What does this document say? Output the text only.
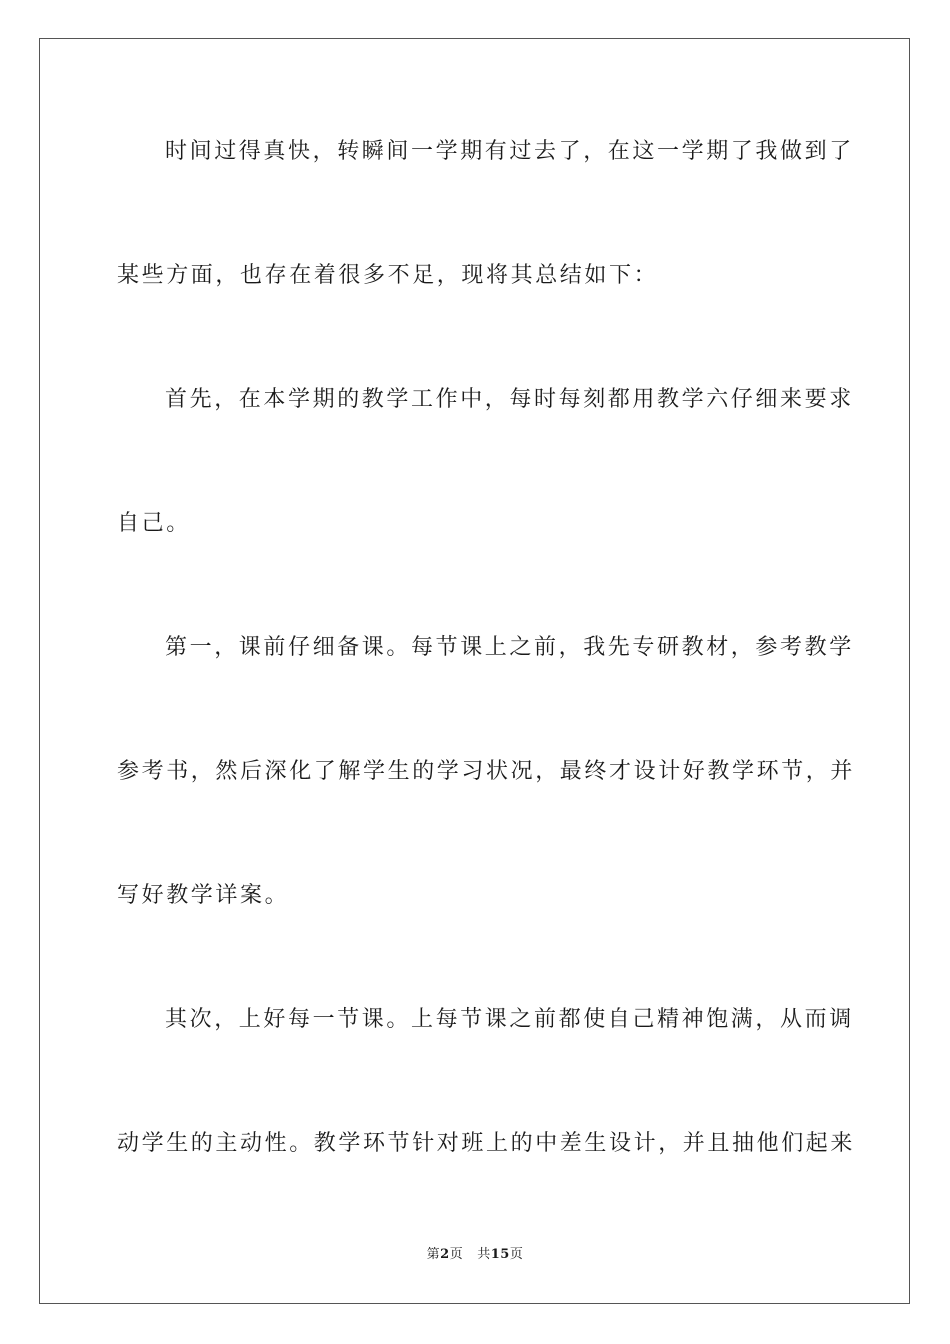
时间过得真快，转瞬间一学期有过去了，在这一学期了我做到了
某些方面，也存在着很多不足，现将其总结如下：
首先，在本学期的教学工作中，每时每刻都用教学六仔细来要求
自己。
第一，课前仔细备课。每节课上之前，我先专研教材，参考教学
参考书，然后深化了解学生的学习状况，最终才设计好教学环节，并
写好教学详案。
其次，上好每一节课。上每节课之前都使自己精神饱满，从而调
动学生的主动性。教学环节针对班上的中差生设计，并且抽他们起来
第2页 共15页
